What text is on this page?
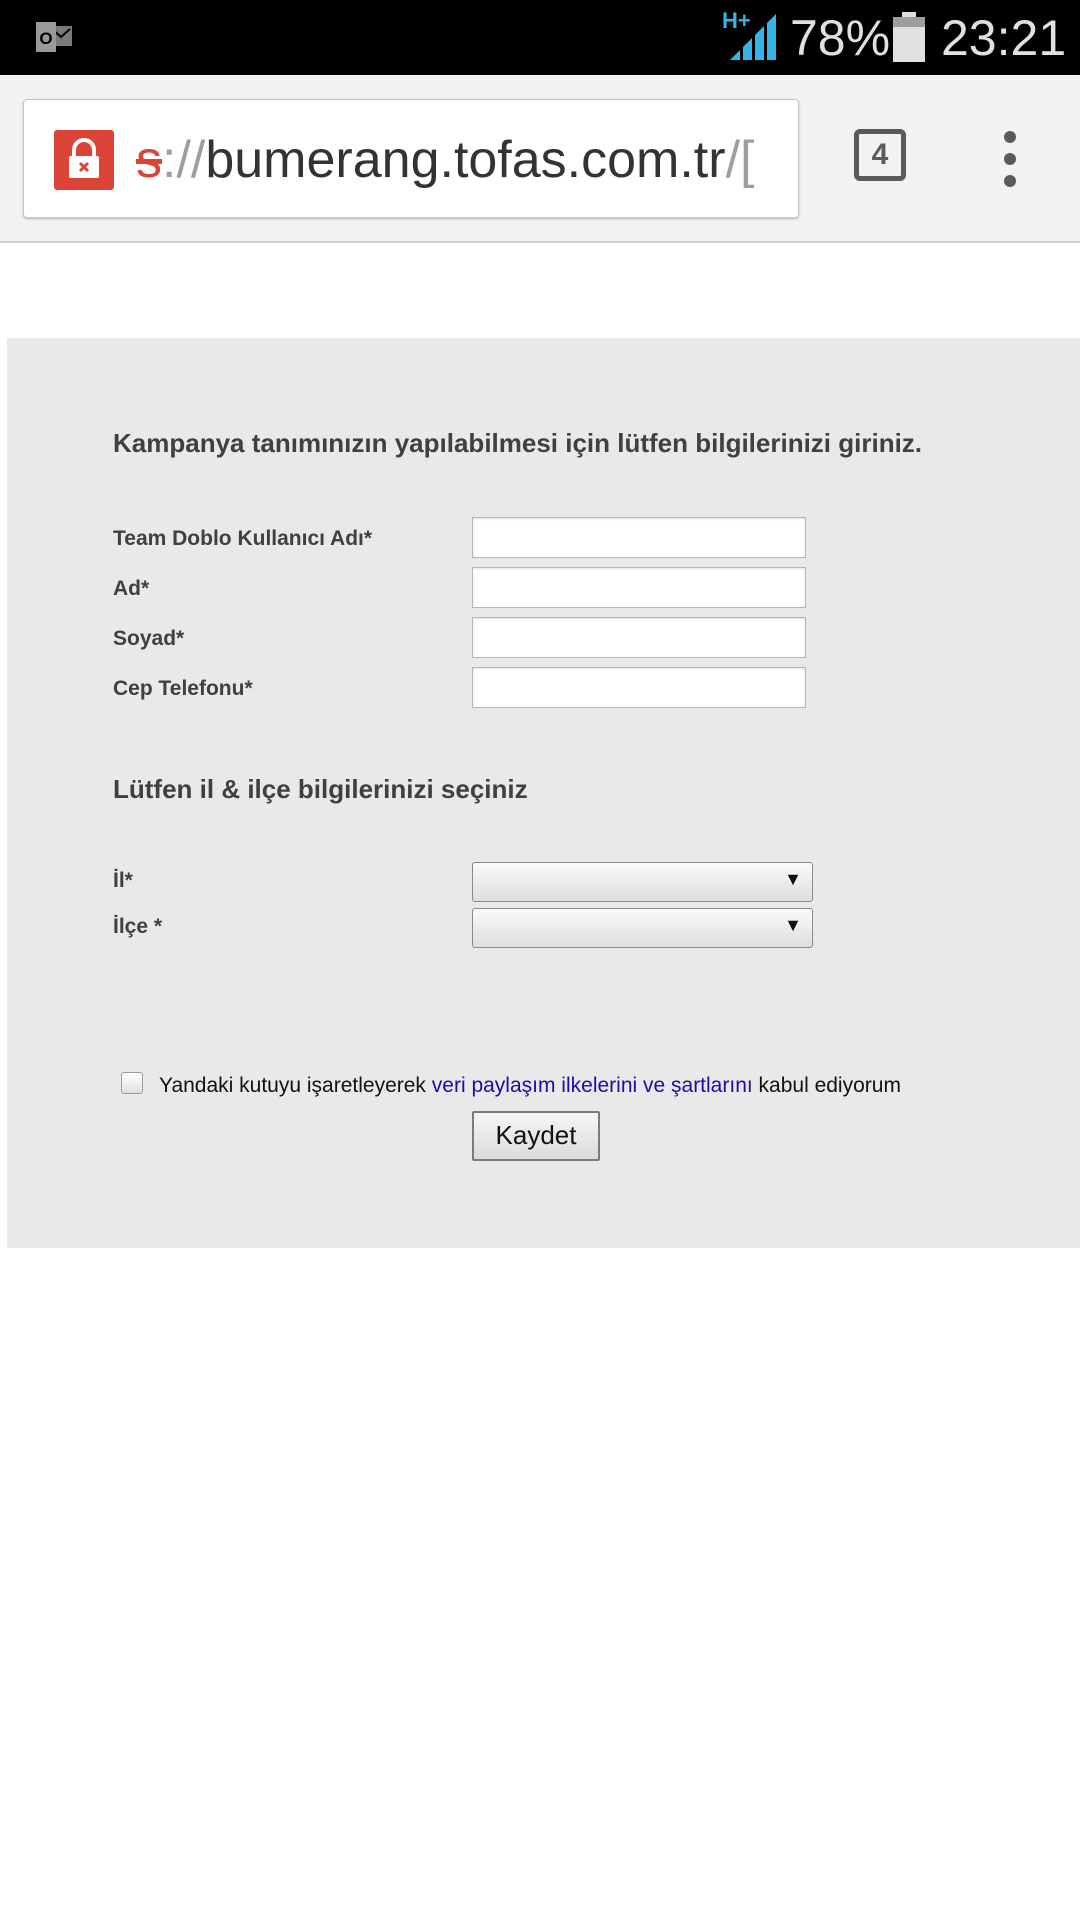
O
H+ 78% 23:21
s://bumerang.tofas.com.tr/[	4
Kampanya tanımınızın yapılabilmesi için lütfen bilgilerinizi giriniz.
Team Doblo Kullanıcı Adı*
Ad*
Soyad*
Cep Telefonu*
Lütfen il & ilçe bilgilerinizi seçiniz
İl*	▼
İlçe *	▼
Yandaki kutuyu işaretleyerek veri paylaşım ilkelerini ve şartlarını kabul ediyorum
Kaydet
